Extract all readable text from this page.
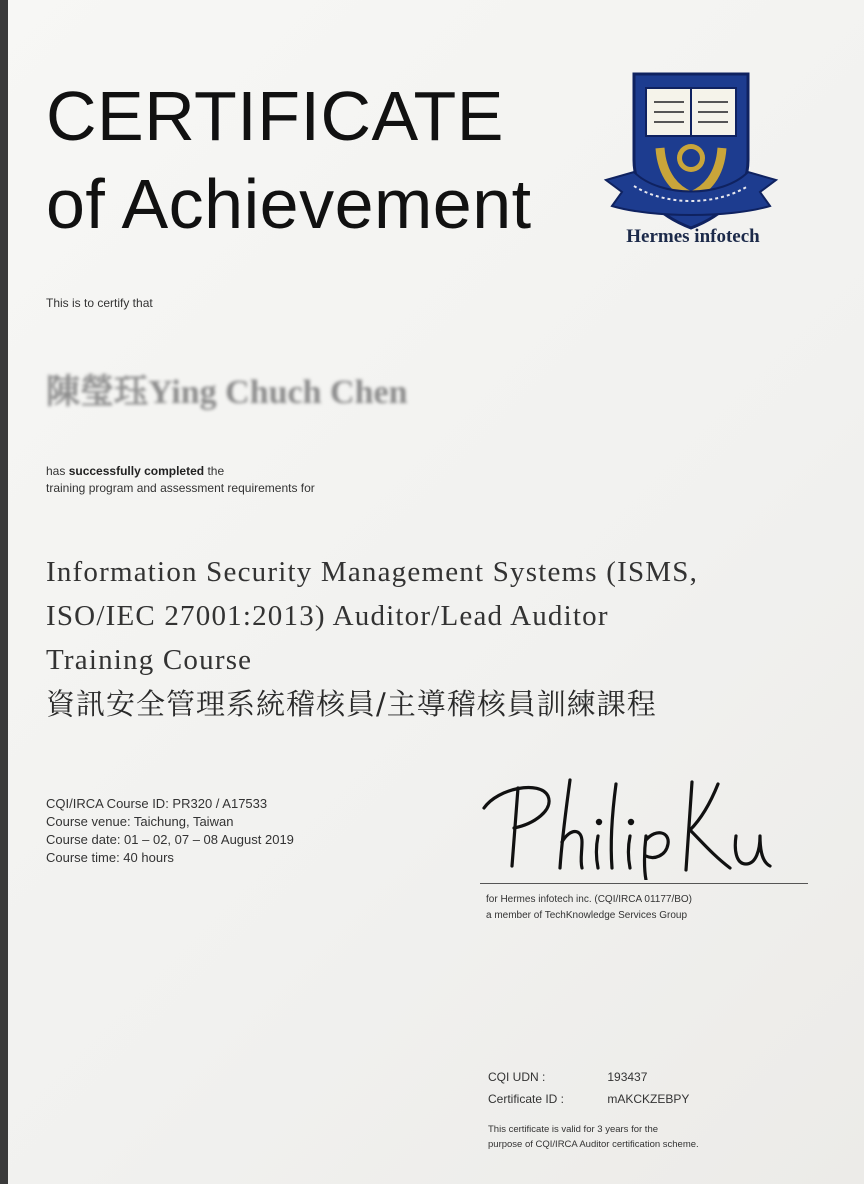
CERTIFICATE
of Achievement	Hermes infotech
This is to certify that
陳瑩珏Ying Chuch Chen
has successfully completed the
training program and assessment requirements for
Information Security Management Systems (ISMS,
ISO/IEC 27001:2013) Auditor/Lead Auditor
Training Course
資訊安全管理系統稽核員/主導稽核員訓練課程
CQI/IRCA Course ID: PR320 / A17533
Course venue: Taichung, Taiwan
Course date: 01 – 02, 07 – 08 August 2019
Course time: 40 hours
for Hermes infotech inc. (CQI/IRCA 01177/BO)
a member of TechKnowledge Services Group
CQI UDN :	193437
Certificate ID :	mAKCKZEBPY
This certificate is valid for 3 years for the
purpose of CQI/IRCA Auditor certification scheme.
